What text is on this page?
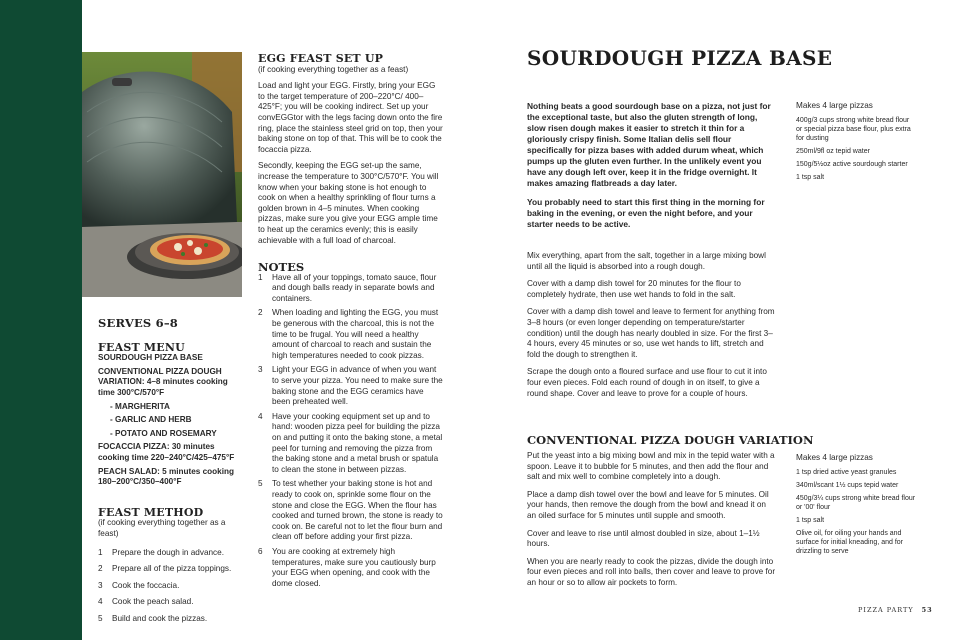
SERVES 6–8
FEAST MENU
SOURDOUGH PIZZA BASE
CONVENTIONAL PIZZA DOUGH VARIATION: 4–8 minutes cooking time 300°C/570°F
- MARGHERITA
- GARLIC AND HERB
- POTATO AND ROSEMARY
FOCACCIA PIZZA: 30 minutes cooking time 220–240°C/425–475°F
PEACH SALAD: 5 minutes cooking 180–200°C/350–400°F
FEAST METHOD
(if cooking everything together as a feast)
1	Prepare the dough in advance.
2	Prepare all of the pizza toppings.
3	Cook the foccacia.
4	Cook the peach salad.
5	Build and cook the pizzas.
EGG FEAST SET UP
(if cooking everything together as a feast)

Load and light your EGG. Firstly, bring your EGG to the target temperature of 200–220°C/ 400–425°F; you will be cooking indirect. Set up your convEGGtor with the legs facing down onto the fire ring, place the stainless steel grid on top, then your baking stone on top of that. This will be to cook the focaccia pizza.

Secondly, keeping the EGG set-up the same, increase the temperature to 300°C/570°F. You will know when your baking stone is hot enough to cook on when a healthy sprinkling of flour turns a golden brown in 4–5 minutes. When cooking pizzas, make sure you give your EGG ample time to heat up the ceramics evenly; this is easily achievable with a full load of charcoal.

NOTES
1	Have all of your toppings, tomato sauce, flour and dough balls ready in separate bowls and containers.
2	When loading and lighting the EGG, you must be generous with the charcoal, this is not the time to be frugal. You will need a healthy amount of charcoal to reach and sustain the high temperatures needed to cook pizzas.
3	Light your EGG in advance of when you want to serve your pizza. You need to make sure the baking stone and the EGG ceramics have been preheated well.
4	Have your cooking equipment set up and to hand: wooden pizza peel for building the pizza on and putting it onto the baking stone, a metal peel for turning and removing the pizza from the baking stone and a metal brush or spatula to clean the stone in between pizzas.
5	To test whether your baking stone is hot and ready to cook on, sprinkle some flour on the stone and close the EGG. When the flour has cooked and turned brown, the stone is ready to cook on. Be careful not to let the flour burn and clean off before adding your first pizza.
6	You are cooking at extremely high temperatures, make sure you cautiously burp your EGG when opening, and cook with the dome closed.
SOURDOUGH PIZZA BASE

Nothing beats a good sourdough base on a pizza, not just for the exceptional taste, but also the gluten strength of long, slow risen dough makes it easier to stretch it thin for a gloriously crispy finish. Some Italian delis sell flour specifically for pizza bases with added durum wheat, which pumps up the gluten even further. In the unlikely event you have any dough left over, keep it in the fridge overnight. It makes amazing flatbreads a day later.

You probably need to start this first thing in the morning for baking in the evening, or even the night before, and your starter needs to be active.

Makes 4 large pizzas
400g/3 cups strong white bread flour or special pizza base flour, plus extra for dusting
250ml/9fl oz tepid water
150g/5½oz active sourdough starter
1 tsp salt

Mix everything, apart from the salt, together in a large mixing bowl until all the liquid is absorbed into a rough dough.

Cover with a damp dish towel for 20 minutes for the flour to completely hydrate, then use wet hands to fold in the salt.

Cover with a damp dish towel and leave to ferment for anything from 3–8 hours (or even longer depending on temperature/starter condition) until the dough has nearly doubled in size. For the first 3–4 hours, every 45 minutes or so, use wet hands to lift, stretch and fold the dough to strengthen it.

Scrape the dough onto a floured surface and use flour to cut it into four even pieces. Fold each round of dough in on itself, to give a round shape. Cover and leave to prove for a couple of hours.

CONVENTIONAL PIZZA DOUGH VARIATION

Put the yeast into a big mixing bowl and mix in the tepid water with a spoon. Leave it to bubble for 5 minutes, and then add the flour and salt and mix well to combine completely into a dough.

Place a damp dish towel over the bowl and leave for 5 minutes. Oil your hands, then remove the dough from the bowl and knead it on an oiled surface for 5 minutes until supple and smooth.

Cover and leave to rise until almost doubled in size, about 1–1½ hours.

When you are nearly ready to cook the pizzas, divide the dough into four even pieces and roll into balls, then cover and leave to prove for an hour or so to allow air pockets to form.

Makes 4 large pizzas
1 tsp dried active yeast granules
340ml/scant 1½ cups tepid water
450g/3¼ cups strong white bread flour or '00' flour
1 tsp salt
Olive oil, for oiling your hands and surface for initial kneading, and for drizzling to serve
PIZZA PARTY 53
